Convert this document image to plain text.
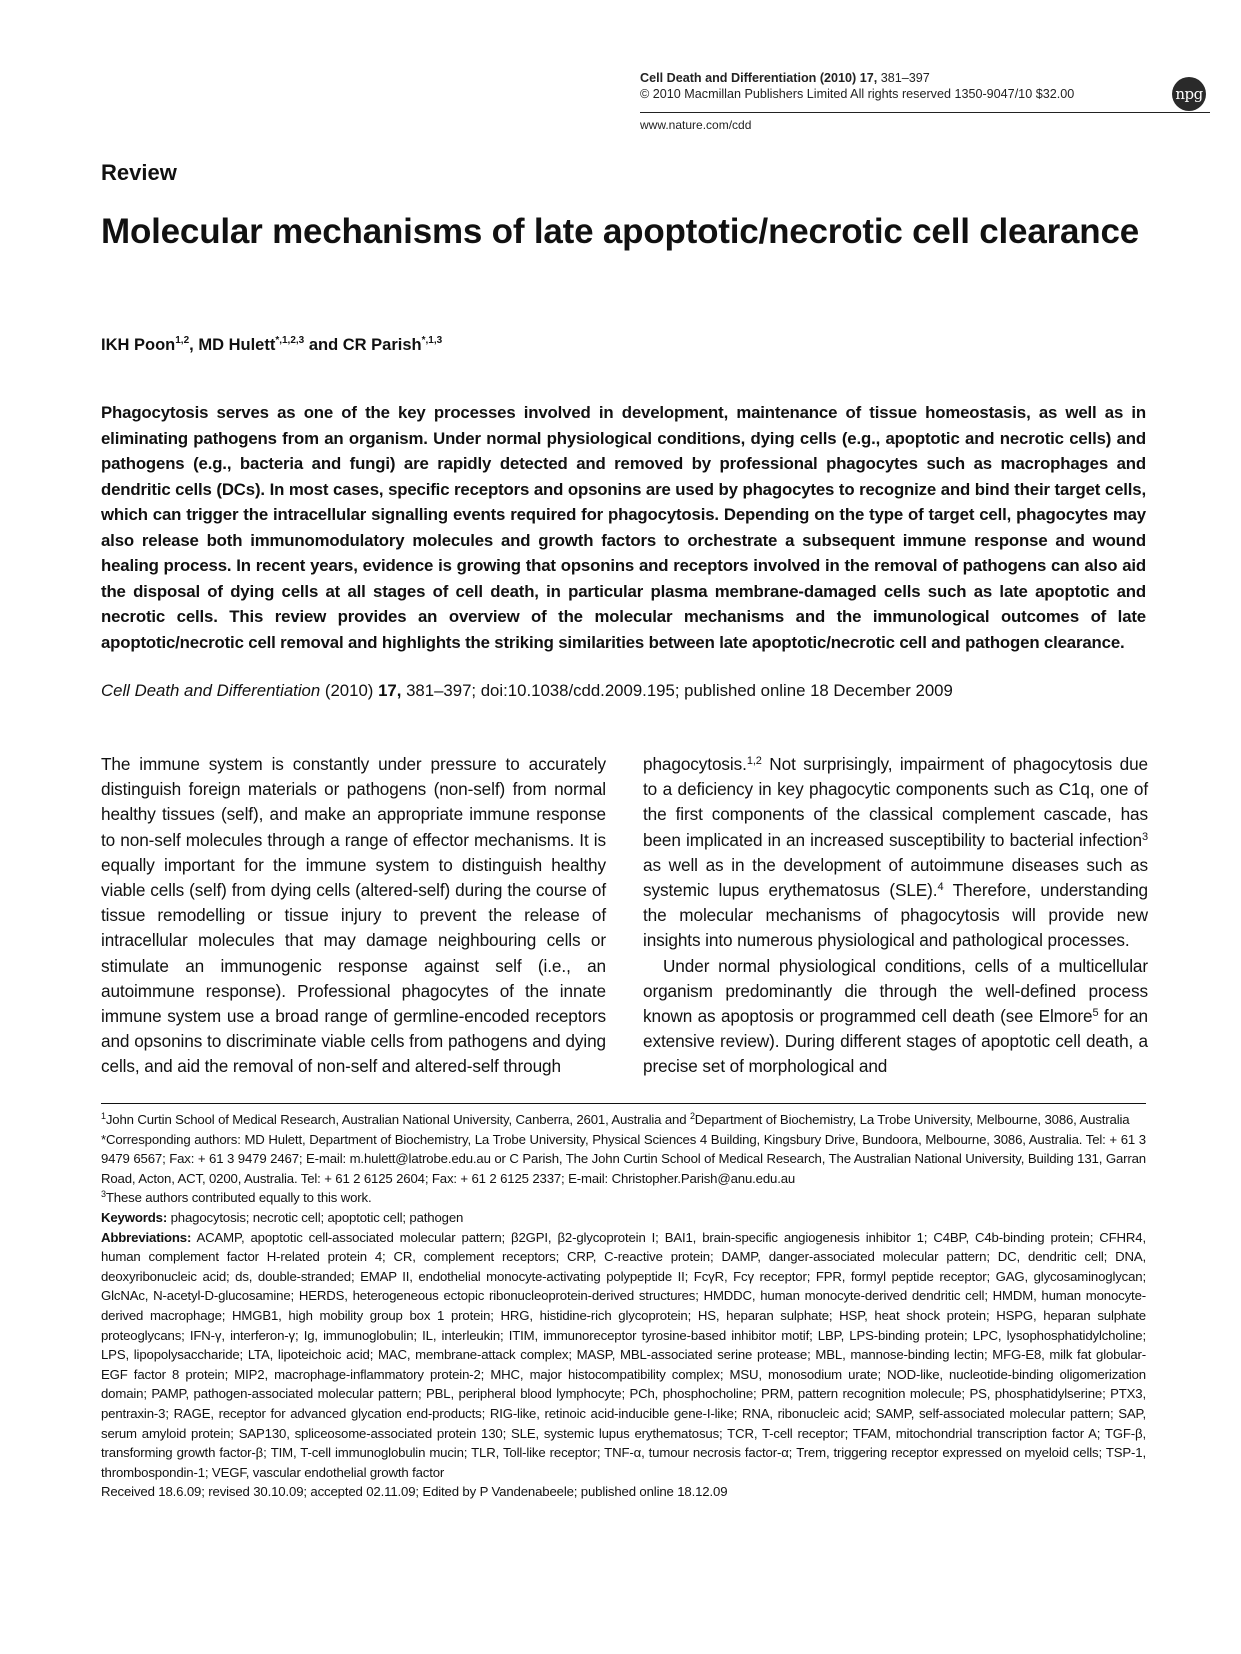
Cell Death and Differentiation (2010) 17, 381–397
© 2010 Macmillan Publishers Limited All rights reserved 1350-9047/10 $32.00	npg
www.nature.com/cdd
Review
Molecular mechanisms of late apoptotic/necrotic cell clearance
IKH Poon$^{1,2}$, MD Hulett$^{*,1,2,3}$ and CR Parish$^{*,1,3}$
Phagocytosis serves as one of the key processes involved in development, maintenance of tissue homeostasis, as well as in eliminating pathogens from an organism. Under normal physiological conditions, dying cells (e.g., apoptotic and necrotic cells) and pathogens (e.g., bacteria and fungi) are rapidly detected and removed by professional phagocytes such as macrophages and dendritic cells (DCs). In most cases, specific receptors and opsonins are used by phagocytes to recognize and bind their target cells, which can trigger the intracellular signalling events required for phagocytosis. Depending on the type of target cell, phagocytes may also release both immunomodulatory molecules and growth factors to orchestrate a subsequent immune response and wound healing process. In recent years, evidence is growing that opsonins and receptors involved in the removal of pathogens can also aid the disposal of dying cells at all stages of cell death, in particular plasma membrane-damaged cells such as late apoptotic and necrotic cells. This review provides an overview of the molecular mechanisms and the immunological outcomes of late apoptotic/necrotic cell removal and highlights the striking similarities between late apoptotic/necrotic cell and pathogen clearance.
Cell Death and Differentiation (2010) 17, 381–397; doi:10.1038/cdd.2009.195; published online 18 December 2009

The immune system is constantly under pressure to accurately distinguish foreign materials or pathogens (non-self) from normal healthy tissues (self), and make an appropriate immune response to non-self molecules through a range of effector mechanisms. It is equally important for the immune system to distinguish healthy viable cells (self) from dying cells (altered-self) during the course of tissue remodelling or tissue injury to prevent the release of intracellular molecules that may damage neighbouring cells or stimulate an immunogenic response against self (i.e., an autoimmune response). Professional phagocytes of the innate immune system use a broad range of germline-encoded receptors and opsonins to discriminate viable cells from pathogens and dying cells, and aid the removal of non-self and altered-self through

phagocytosis.$^{1,2}$ Not surprisingly, impairment of phagocytosis due to a deficiency in key phagocytic components such as C1q, one of the first components of the classical complement cascade, has been implicated in an increased susceptibility to bacterial infection$^3$ as well as in the development of autoimmune diseases such as systemic lupus erythematosus (SLE).$^4$ Therefore, understanding the molecular mechanisms of phagocytosis will provide new insights into numerous physiological and pathological processes.

Under normal physiological conditions, cells of a multicellular organism predominantly die through the well-defined process known as apoptosis or programmed cell death (see Elmore$^5$ for an extensive review). During different stages of apoptotic cell death, a precise set of morphological and

$^1$John Curtin School of Medical Research, Australian National University, Canberra, 2601, Australia and $^2$Department of Biochemistry, La Trobe University, Melbourne, 3086, Australia

*Corresponding authors: MD Hulett, Department of Biochemistry, La Trobe University, Physical Sciences 4 Building, Kingsbury Drive, Bundoora, Melbourne, 3086, Australia. Tel: + 61 3 9479 6567; Fax: + 61 3 9479 2467; E-mail: m.hulett@latrobe.edu.au or C Parish, The John Curtin School of Medical Research, The Australian National University, Building 131, Garran Road, Acton, ACT, 0200, Australia. Tel: + 61 2 6125 2604; Fax: + 61 2 6125 2337; E-mail: Christopher.Parish@anu.edu.au

$^3$These authors contributed equally to this work.

Keywords: phagocytosis; necrotic cell; apoptotic cell; pathogen

Abbreviations: ACAMP, apoptotic cell-associated molecular pattern; β2GPI, β2-glycoprotein I; BAI1, brain-specific angiogenesis inhibitor 1; C4BP, C4b-binding protein; CFHR4, human complement factor H-related protein 4; CR, complement receptors; CRP, C-reactive protein; DAMP, danger-associated molecular pattern; DC, dendritic cell; DNA, deoxyribonucleic acid; ds, double-stranded; EMAP II, endothelial monocyte-activating polypeptide II; FcγR, Fcγ receptor; FPR, formyl peptide receptor; GAG, glycosaminoglycan; GlcNAc, N-acetyl-D-glucosamine; HERDS, heterogeneous ectopic ribonucleoprotein-derived structures; HMDDC, human monocyte-derived dendritic cell; HMDM, human monocyte-derived macrophage; HMGB1, high mobility group box 1 protein; HRG, histidine-rich glycoprotein; HS, heparan sulphate; HSP, heat shock protein; HSPG, heparan sulphate proteoglycans; IFN-γ, interferon-γ; Ig, immunoglobulin; IL, interleukin; ITIM, immunoreceptor tyrosine-based inhibitor motif; LBP, LPS-binding protein; LPC, lysophosphatidylcholine; LPS, lipopolysaccharide; LTA, lipoteichoic acid; MAC, membrane-attack complex; MASP, MBL-associated serine protease; MBL, mannose-binding lectin; MFG-E8, milk fat globular-EGF factor 8 protein; MIP2, macrophage-inflammatory protein-2; MHC, major histocompatibility complex; MSU, monosodium urate; NOD-like, nucleotide-binding oligomerization domain; PAMP, pathogen-associated molecular pattern; PBL, peripheral blood lymphocyte; PCh, phosphocholine; PRM, pattern recognition molecule; PS, phosphatidylserine; PTX3, pentraxin-3; RAGE, receptor for advanced glycation end-products; RIG-like, retinoic acid-inducible gene-I-like; RNA, ribonucleic acid; SAMP, self-associated molecular pattern; SAP, serum amyloid protein; SAP130, spliceosome-associated protein 130; SLE, systemic lupus erythematosus; TCR, T-cell receptor; TFAM, mitochondrial transcription factor A; TGF-β, transforming growth factor-β; TIM, T-cell immunoglobulin mucin; TLR, Toll-like receptor; TNF-α, tumour necrosis factor-α; Trem, triggering receptor expressed on myeloid cells; TSP-1, thrombospondin-1; VEGF, vascular endothelial growth factor

Received 18.6.09; revised 30.10.09; accepted 02.11.09; Edited by P Vandenabeele; published online 18.12.09
